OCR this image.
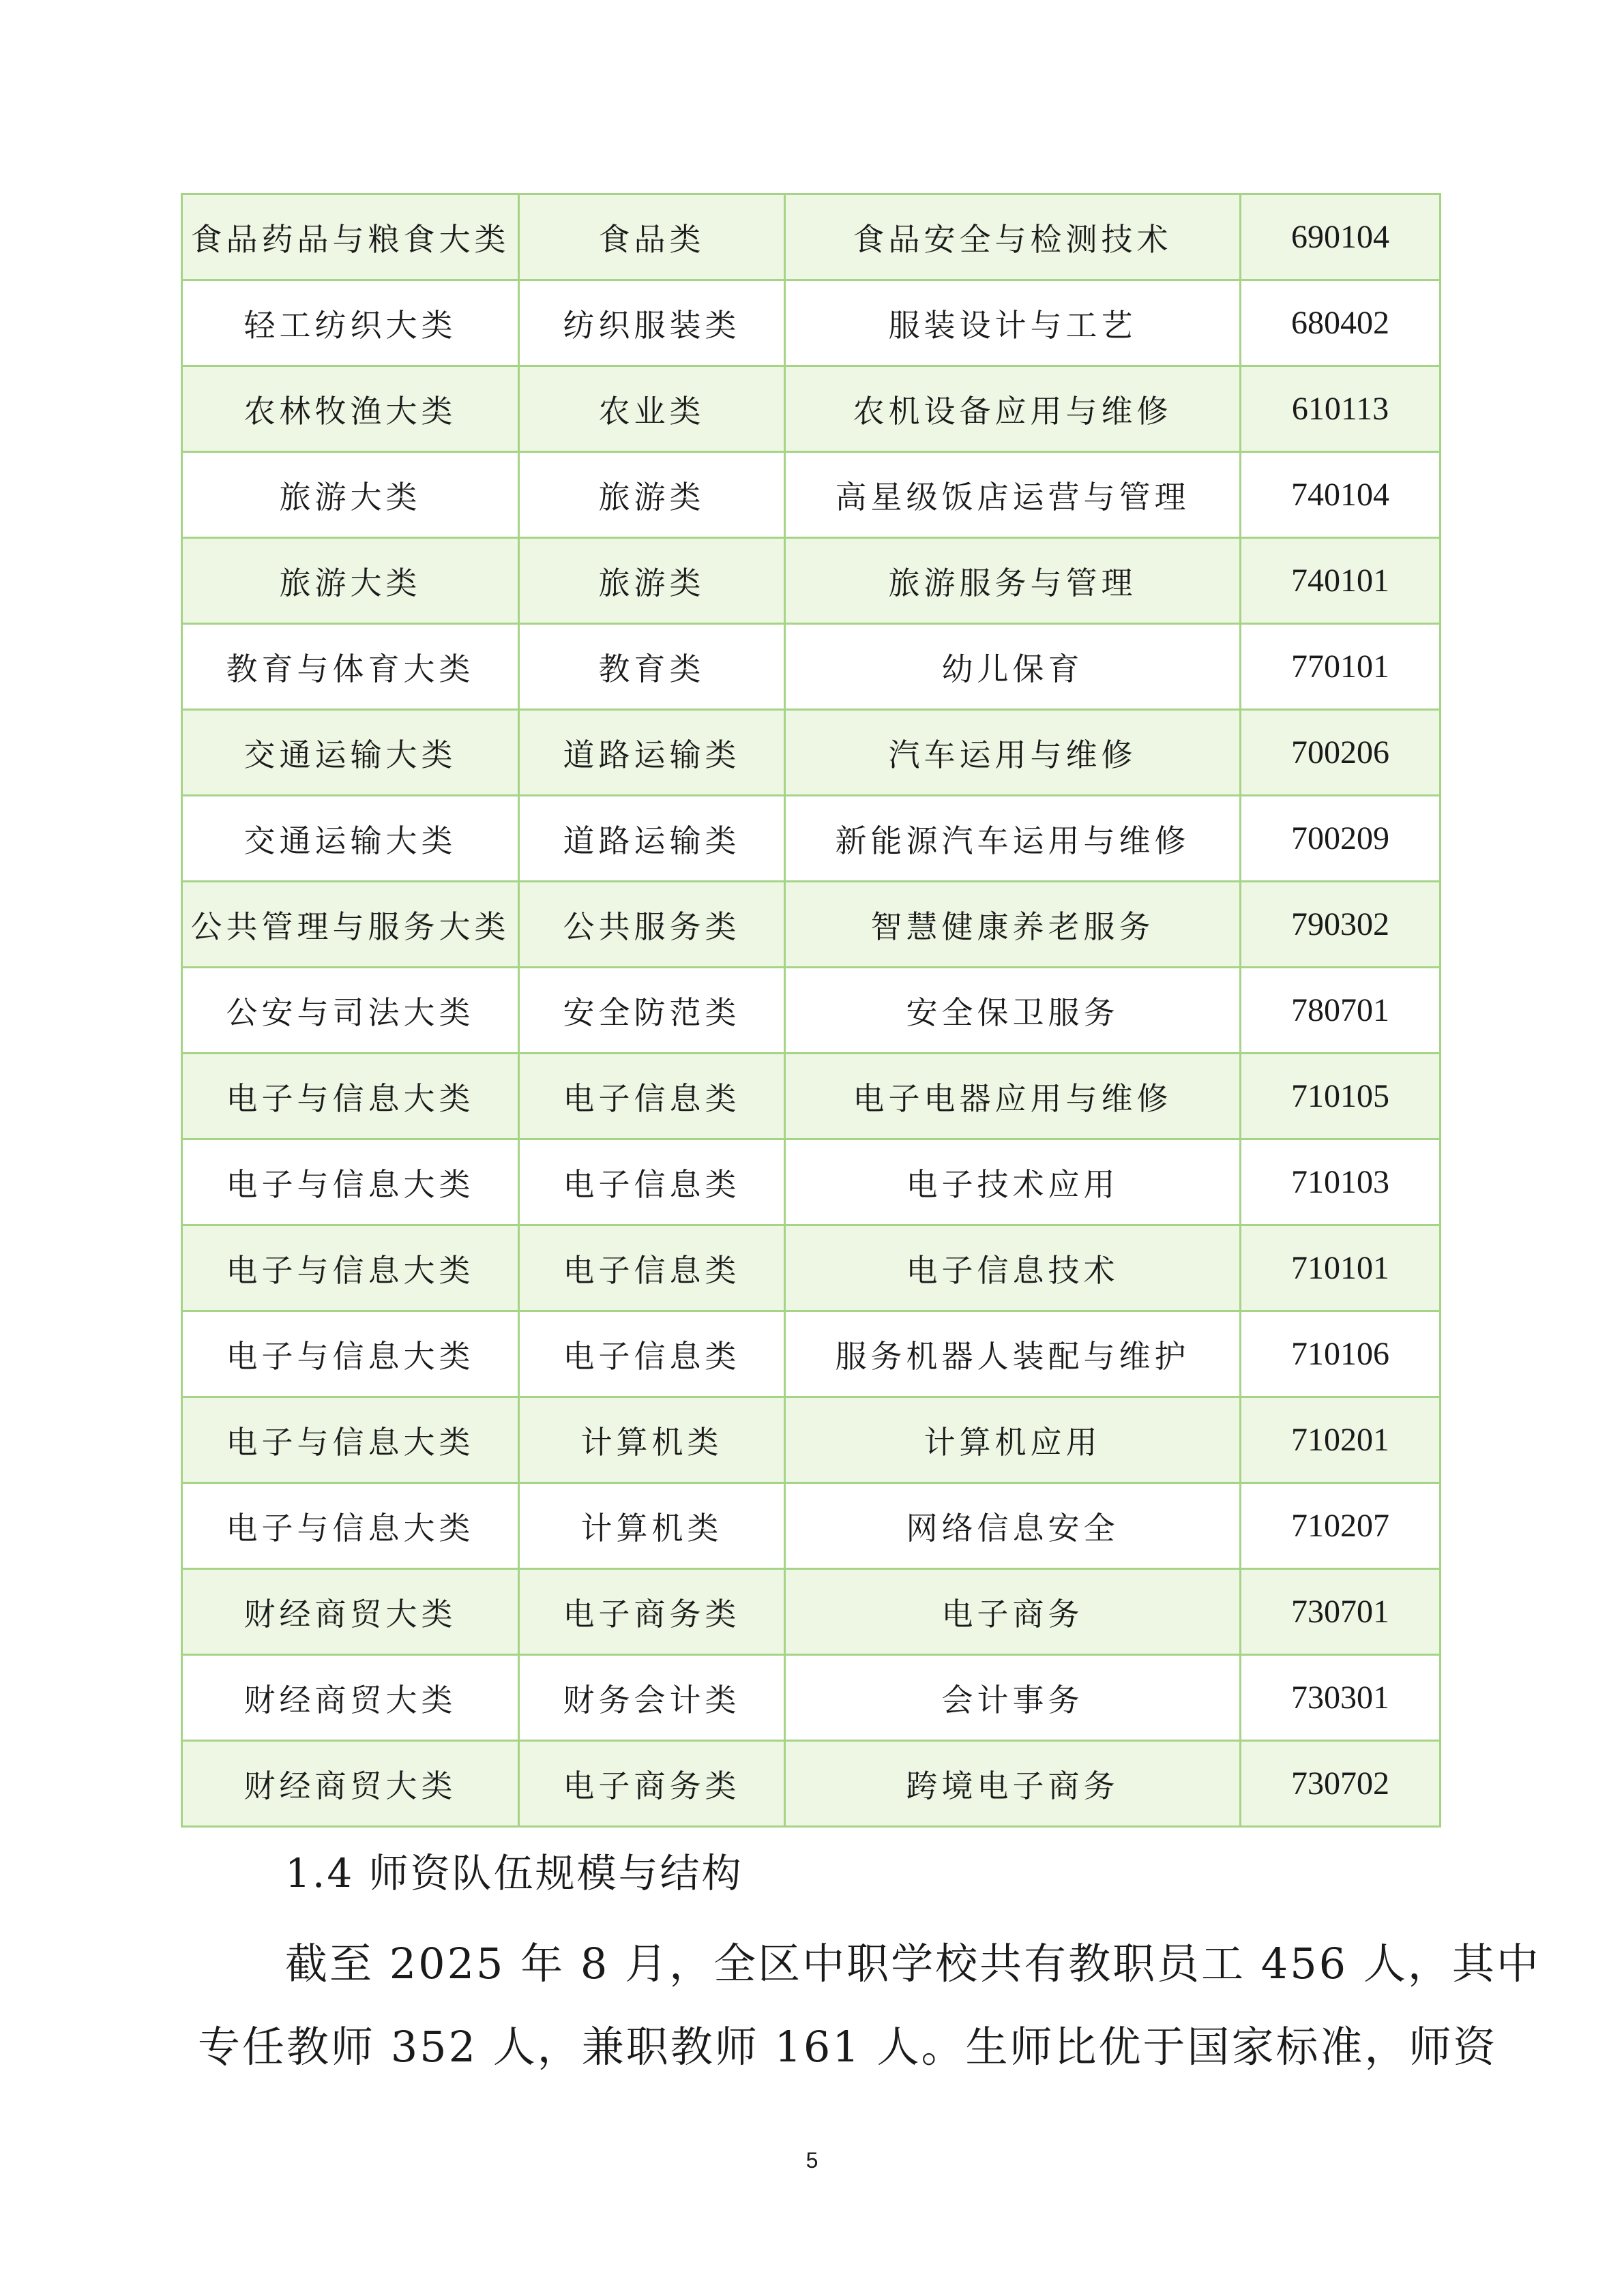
食品药品与粮食大类	食品类	食品安全与检测技术	690104
轻工纺织大类	纺织服装类	服装设计与工艺	680402
农林牧渔大类	农业类	农机设备应用与维修	610113
旅游大类	旅游类	高星级饭店运营与管理	740104
旅游大类	旅游类	旅游服务与管理	740101
教育与体育大类	教育类	幼儿保育	770101
交通运输大类	道路运输类	汽车运用与维修	700206
交通运输大类	道路运输类	新能源汽车运用与维修	700209
公共管理与服务大类	公共服务类	智慧健康养老服务	790302
公安与司法大类	安全防范类	安全保卫服务	780701
电子与信息大类	电子信息类	电子电器应用与维修	710105
电子与信息大类	电子信息类	电子技术应用	710103
电子与信息大类	电子信息类	电子信息技术	710101
电子与信息大类	电子信息类	服务机器人装配与维护	710106
电子与信息大类	计算机类	计算机应用	710201
电子与信息大类	计算机类	网络信息安全	710207
财经商贸大类	电子商务类	电子商务	730701
财经商贸大类	财务会计类	会计事务	730301
财经商贸大类	电子商务类	跨境电子商务	730702
1.4 师资队伍规模与结构
截至 2025 年 8 月，全区中职学校共有教职员工 456 人，其中
专任教师 352 人，兼职教师 161 人。生师比优于国家标准，师资
5
